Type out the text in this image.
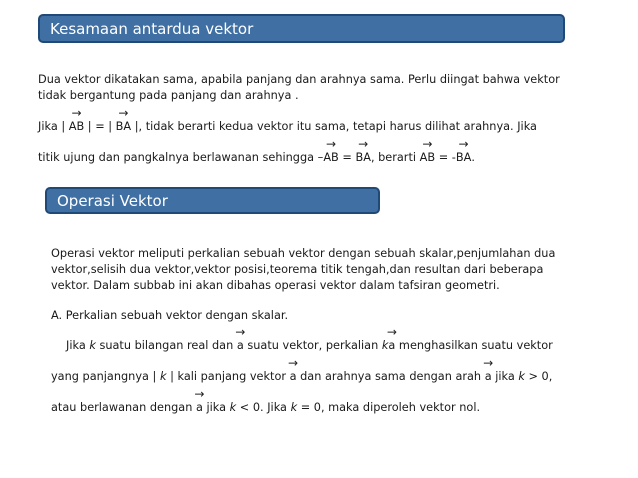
Kesamaan antardua vektor
Dua vektor dikatakan sama, apabila panjang dan arahnya sama. Perlu diingat bahwa vektor
tidak bergantung pada panjang dan arahnya .
Jika |
→
AB | = |
→
BA |, tidak berarti kedua vektor itu sama, tetapi harus dilihat arahnya. Jika
titik ujung dan pangkalnya berlawanan sehingga –
→
AB =
→
BA, berarti
→
AB = -
→
BA.
Operasi Vektor
Operasi vektor meliputi perkalian sebuah vektor dengan sebuah skalar,penjumlahan dua
vektor,selisih dua vektor,vektor posisi,teorema titik tengah,dan resultan dari beberapa
vektor. Dalam subbab ini akan dibahas operasi vektor dalam tafsiran geometri.
A. Perkalian sebuah vektor dengan skalar.
Jika k suatu bilangan real dan
→
a suatu vektor, perkalian k
→
a menghasilkan suatu vektor
yang panjangnya | k | kali panjang vektor
→
a dan arahnya sama dengan arah
→
a jika k > 0,
atau berlawanan dengan
→
a jika k < 0. Jika k = 0, maka diperoleh vektor nol.
